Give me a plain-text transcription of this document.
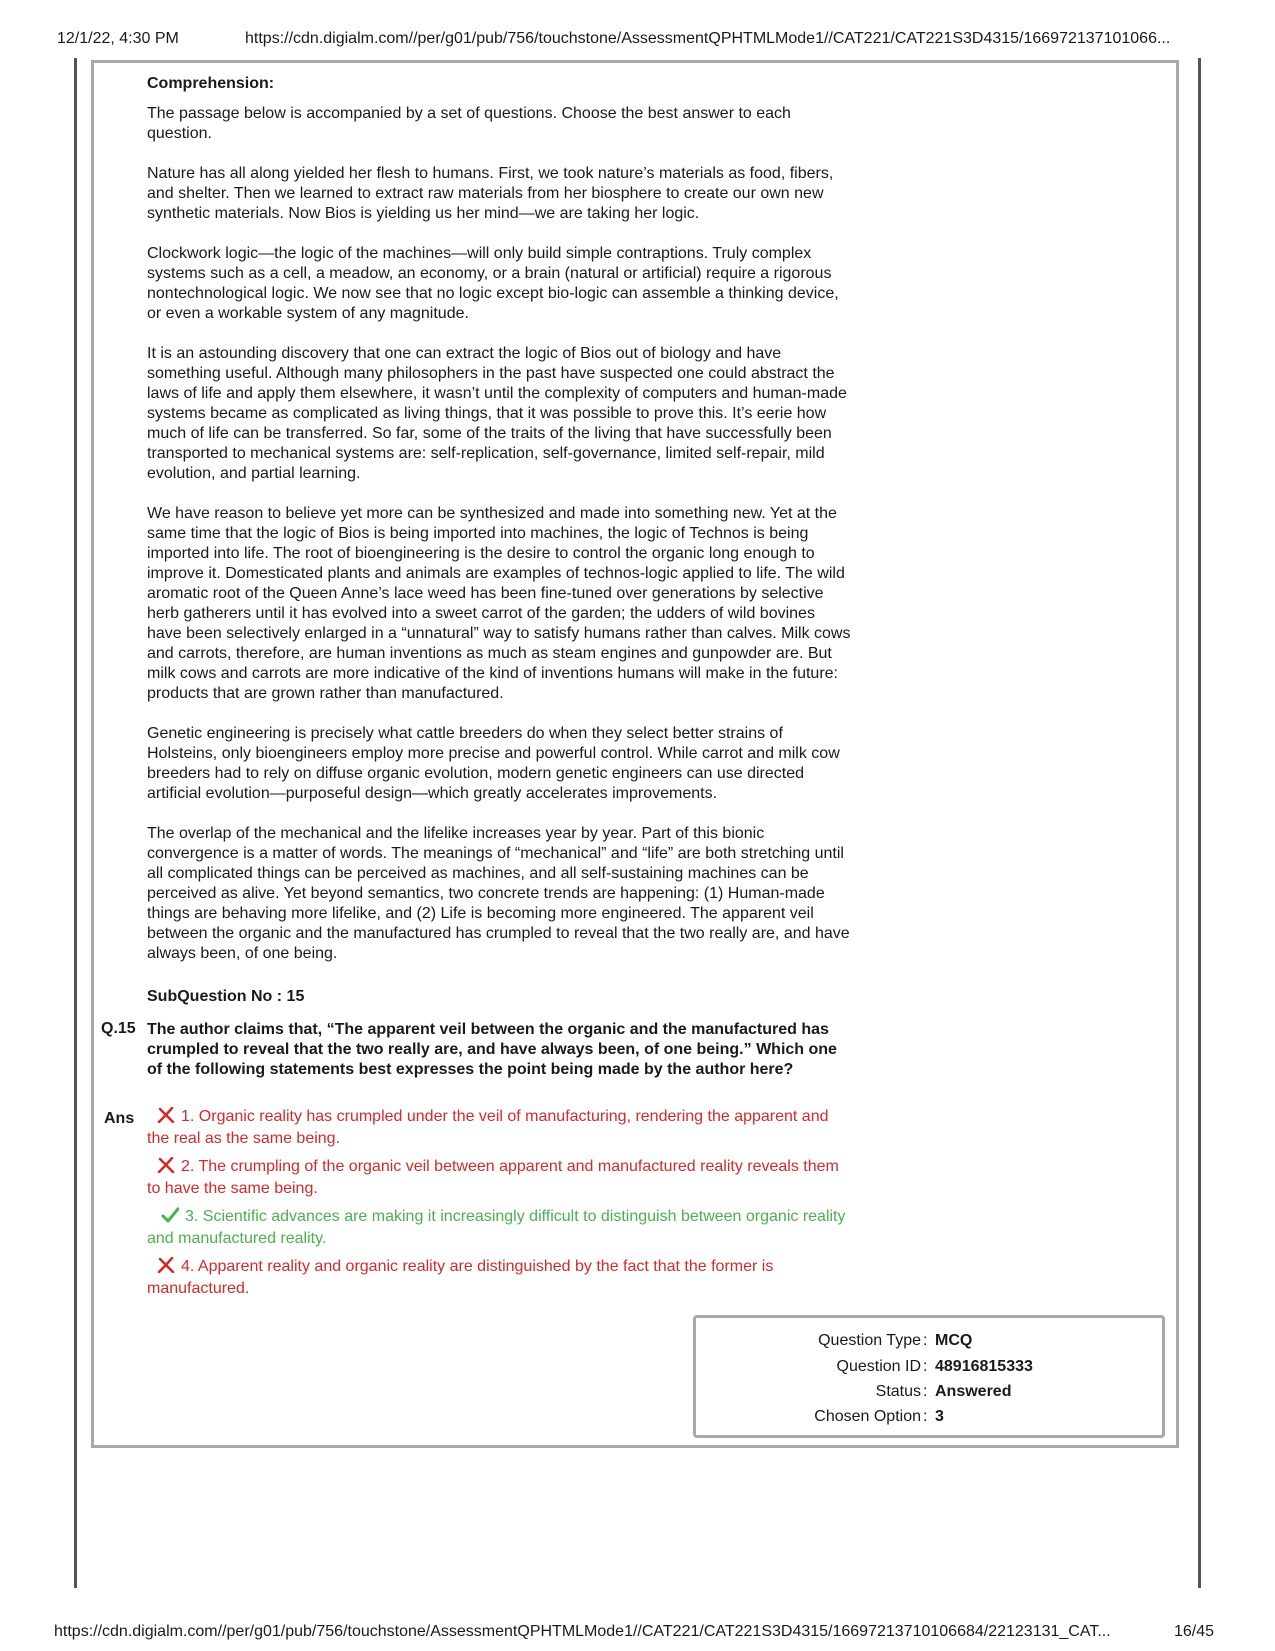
12/1/22, 4:30 PM	https://cdn.digialm.com//per/g01/pub/756/touchstone/AssessmentQPHTMLMode1//CAT221/CAT221S3D4315/166972137101066...
Comprehension:

The passage below is accompanied by a set of questions. Choose the best answer to each question.

Nature has all along yielded her flesh to humans. First, we took nature’s materials as food, fibers, and shelter. Then we learned to extract raw materials from her biosphere to create our own new synthetic materials. Now Bios is yielding us her mind—we are taking her logic.

Clockwork logic—the logic of the machines—will only build simple contraptions. Truly complex systems such as a cell, a meadow, an economy, or a brain (natural or artificial) require a rigorous nontechnological logic. We now see that no logic except bio-logic can assemble a thinking device, or even a workable system of any magnitude.

It is an astounding discovery that one can extract the logic of Bios out of biology and have something useful. Although many philosophers in the past have suspected one could abstract the laws of life and apply them elsewhere, it wasn’t until the complexity of computers and human-made systems became as complicated as living things, that it was possible to prove this. It’s eerie how much of life can be transferred. So far, some of the traits of the living that have successfully been transported to mechanical systems are: self-replication, self-governance, limited self-repair, mild evolution, and partial learning.

We have reason to believe yet more can be synthesized and made into something new. Yet at the same time that the logic of Bios is being imported into machines, the logic of Technos is being imported into life. The root of bioengineering is the desire to control the organic long enough to improve it. Domesticated plants and animals are examples of technos-logic applied to life. The wild aromatic root of the Queen Anne’s lace weed has been fine-tuned over generations by selective herb gatherers until it has evolved into a sweet carrot of the garden; the udders of wild bovines have been selectively enlarged in a “unnatural” way to satisfy humans rather than calves. Milk cows and carrots, therefore, are human inventions as much as steam engines and gunpowder are. But milk cows and carrots are more indicative of the kind of inventions humans will make in the future: products that are grown rather than manufactured.

Genetic engineering is precisely what cattle breeders do when they select better strains of Holsteins, only bioengineers employ more precise and powerful control. While carrot and milk cow breeders had to rely on diffuse organic evolution, modern genetic engineers can use directed artificial evolution—purposeful design—which greatly accelerates improvements.

The overlap of the mechanical and the lifelike increases year by year. Part of this bionic convergence is a matter of words. The meanings of “mechanical” and “life” are both stretching until all complicated things can be perceived as machines, and all self-sustaining machines can be perceived as alive. Yet beyond semantics, two concrete trends are happening: (1) Human-made things are behaving more lifelike, and (2) Life is becoming more engineered. The apparent veil between the organic and the manufactured has crumpled to reveal that the two really are, and have always been, of one being.

SubQuestion No : 15
Q.15 The author claims that, “The apparent veil between the organic and the manufactured has crumpled to reveal that the two really are, and have always been, of one being.” Which one of the following statements best expresses the point being made by the author here?
Ans	1. Organic reality has crumpled under the veil of manufacturing, rendering the apparent and the real as the same being.
2. The crumpling of the organic veil between apparent and manufactured reality reveals them to have the same being.
3. Scientific advances are making it increasingly difficult to distinguish between organic reality and manufactured reality.
4. Apparent reality and organic reality are distinguished by the fact that the former is manufactured.
Question Type : MCQ
Question ID : 48916815333
Status : Answered
Chosen Option : 3
https://cdn.digialm.com//per/g01/pub/756/touchstone/AssessmentQPHTMLMode1//CAT221/CAT221S3D4315/16697213710106684/22123131_CAT...	16/45
